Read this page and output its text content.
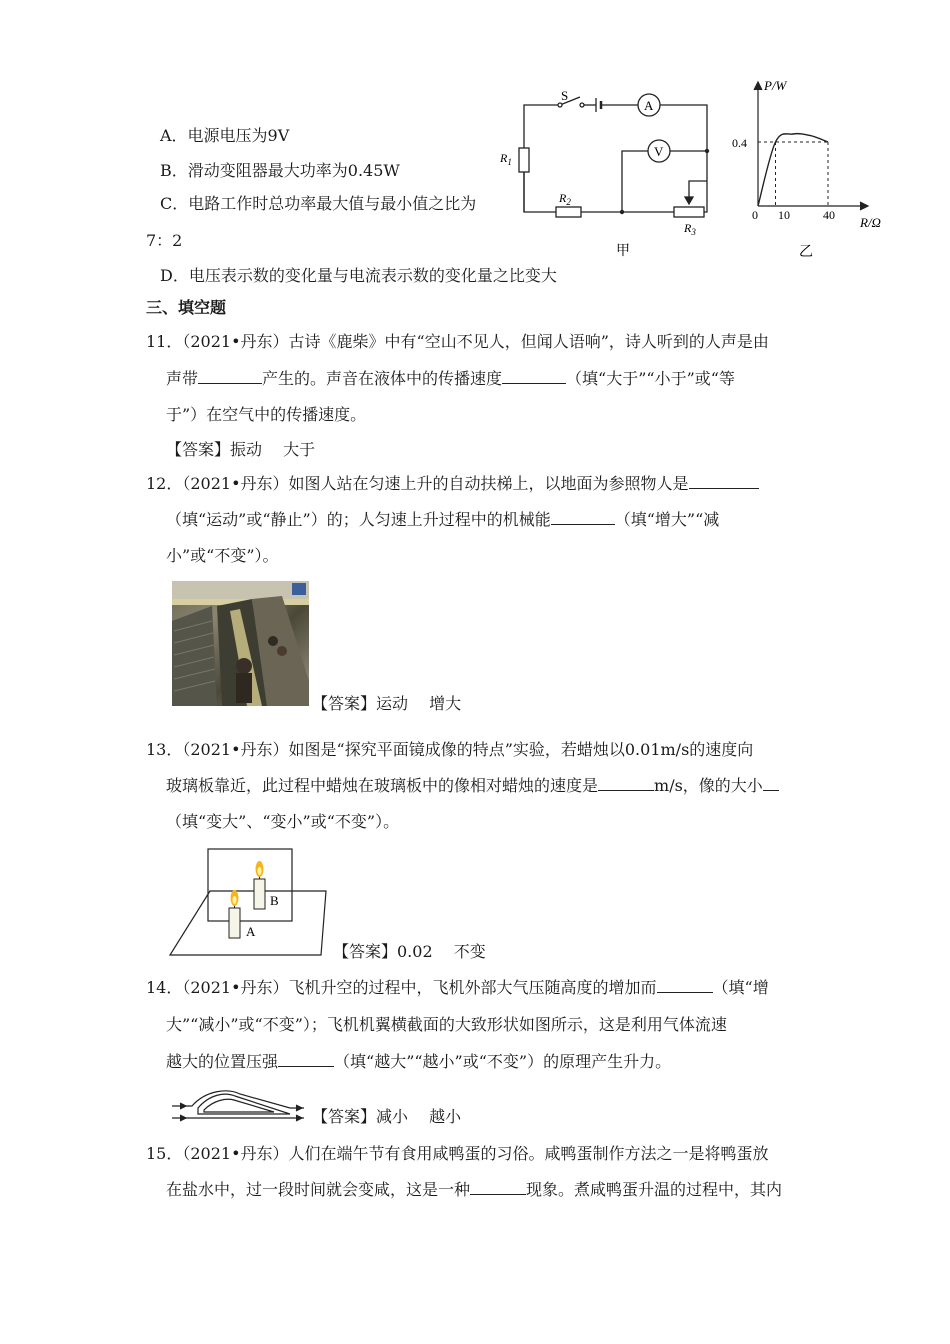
A．电源电压为9V
B．滑动变阻器最大功率为0.45W
C．电路工作时总功率最大值与最小值之比为
7：2
D．电压表示数的变化量与电流表示数的变化量之比变大
S
A
V
$R_1$
$R_2$
$R_3$
甲
P/W
R/Ω
0.4
0 10	40
乙
三、填空题
11．（2021•丹东）古诗《鹿柴》中有“空山不见人，但闻人语响”，诗人听到的人声是由
声带	产生的。声音在液体中的传播速度	（填“大于”“小于”或“等
于”）在空气中的传播速度。
【答案】振动　 大于
12．（2021•丹东）如图人站在匀速上升的自动扶梯上，以地面为参照物人是
（填“运动”或“静止”）的；人匀速上升过程中的机械能	（填“增大”“减
小”或“不变”）。
【答案】运动　 增大
13．（2021•丹东）如图是“探究平面镜成像的特点”实验，若蜡烛以0.01m/s的速度向
玻璃板靠近，此过程中蜡烛在玻璃板中的像相对蜡烛的速度是	m/s，像的大小
（填“变大”、“变小”或“不变”）。
B
A
【答案】0.02　 不变
14．（2021•丹东）飞机升空的过程中，飞机外部大气压随高度的增加而	（填“增
大”“减小”或“不变”）；飞机机翼横截面的大致形状如图所示，这是利用气体流速
越大的位置压强	（填“越大”“越小”或“不变”）的原理产生升力。
【答案】减小　 越小
15．（2021•丹东）人们在端午节有食用咸鸭蛋的习俗。咸鸭蛋制作方法之一是将鸭蛋放
在盐水中，过一段时间就会变咸，这是一种	现象。煮咸鸭蛋升温的过程中，其内
